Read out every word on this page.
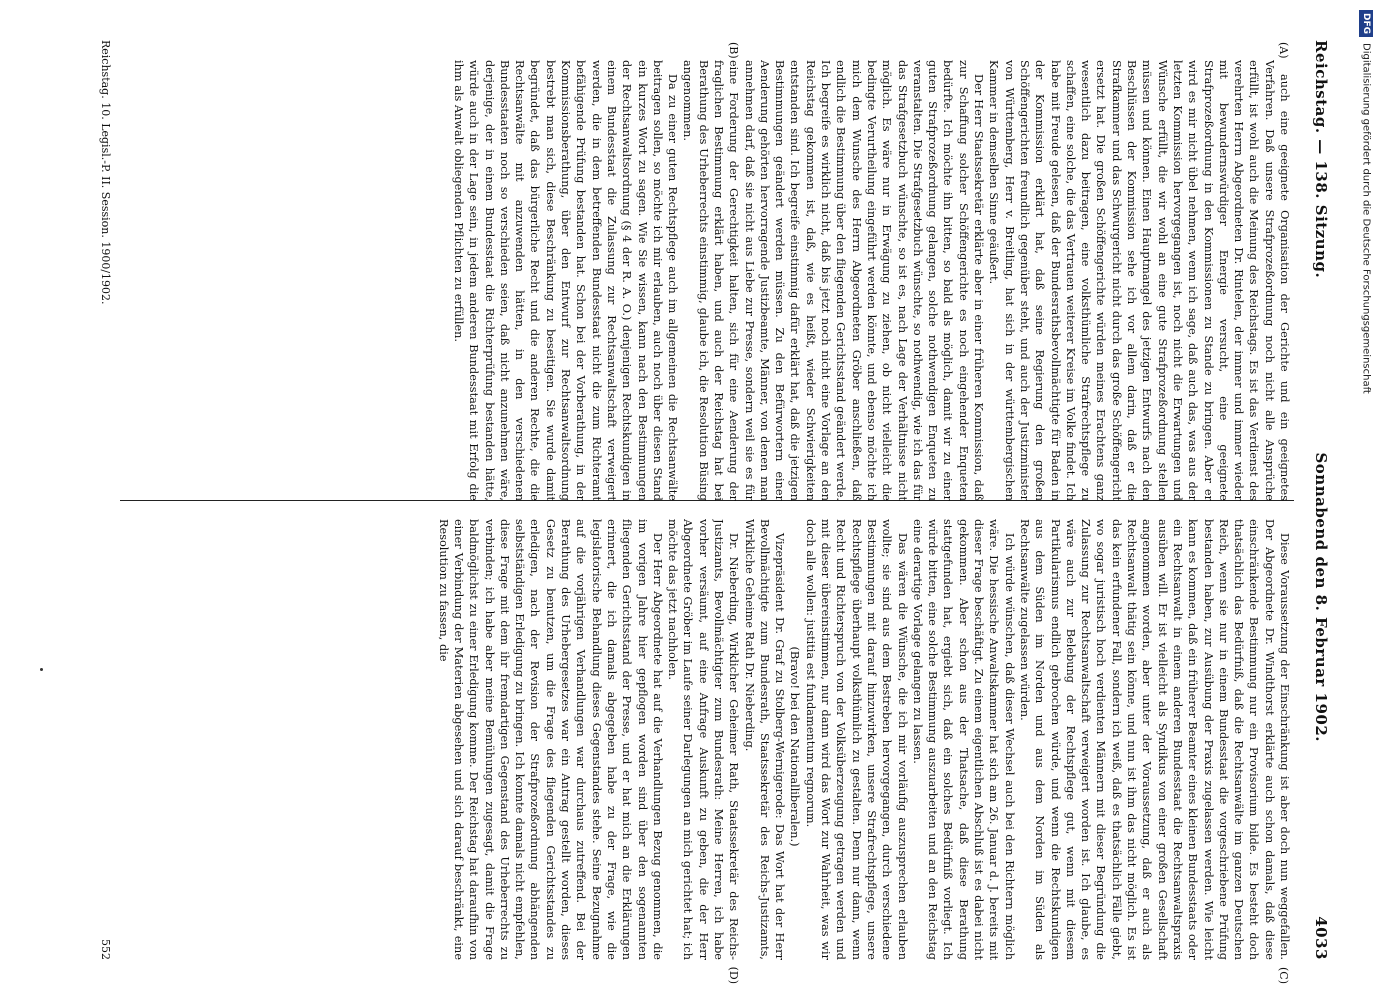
Reichstag. — 138. Sitzung.
Sonnabend den 8. Februar 1902.
4033
(A)
(B)
(C)
(D)

auch eine geeignete Organisation der Gerichte und ein geeignetes Verfahren. Daß unsere Strafprozeßordnung noch nicht alle Ansprüche erfüllt, ist wohl auch die Meinung des Reichstags. Es ist das Verdienst des verehrten Herrn Abgeordneten Dr. Rintelen, der immer und immer wieder mit bewundernswürdiger Energie versucht, eine geeignete Strafprozeßordnung in den Kommissionen zu Stande zu bringen. Aber er wird es mir nicht übel nehmen, wenn ich sage, daß auch das, was aus der letzten Kommission hervorgegangen ist, noch nicht die Erwartungen und Wünsche erfüllt, die wir wohl an eine gute Strafprozeßordnung stellen müssen und können. Einen Hauptmangel des jetzigen Entwurfs nach den Beschlüssen der Kommission sehe ich vor allem darin, daß er die Strafkammer und das Schwurgericht nicht durch das große Schöffengericht ersetzt hat. Die großen Schöffengerichte würden meines Erachtens ganz wesentlich dazu beitragen, eine volksthümliche Strafrechtspflege zu schaffen, eine solche, die das Vertrauen weiterer Kreise im Volke findet. Ich habe mit Freude gelesen, daß der Bundesrathsbevollmächtigte für Baden in der Kommission erklärt hat, daß seine Regierung den großen Schöffengerichten freundlich gegenüber steht, und auch der Justizminister von Württemberg, Herr v. Breitling, hat sich in der württembergischen Kammer in demselben Sinne geäußert.

Der Herr Staatssekretär erklärte aber in einer früheren Kommission, daß zur Schaffung solcher Schöffengerichte es noch eingehender Enqueten bedürfte. Ich möchte ihn bitten, so bald als möglich, damit wir zu einer guten Strafprozeßordnung gelangen, solche nothwendigen Enqueten zu veranstalten. Die Strafgesetzbuch wünschte, so nothwendig, wie ich das für das Strafgesetzbuch wünschte, so ist es, nach Lage der Verhältnisse nicht möglich. Es wäre nur in Erwägung zu ziehen, ob nicht vielleicht die bedingte Verurtheilung eingeführt werden könnte, und ebenso möchte ich mich dem Wunsche des Herrn Abgeordneten Gröber anschließen, daß endlich die Bestimmung über den fliegenden Gerichtsstand geändert werde. Ich begreife es wirklich nicht, daß bis jetzt noch nicht eine Vorlage an den Reichstag gekommen ist, daß, wie es heißt, wieder Schwierigkeiten entstanden sind. Ich begreife einstimmig dafür erklärt hat, daß die jetzigen Bestimmungen geändert werden müssen. Zu den Befürwortern einer Aenderung gehörten hervorragende Justizbeamte, Männer, von denen man annehmen darf, daß sie nicht aus Liebe zur Presse, sondern weil sie es für eine Forderung der Gerechtigkeit halten, sich für eine Aenderung der fraglichen Bestimmung erklärt haben, und auch der Reichstag hat bei Berathung des Urheberrechts einstimmig, glaube ich, die Resolution Büsing angenommen.

Da zu einer guten Rechtspflege auch im allgemeinen die Rechtsanwälte beitragen sollen, so möchte ich mir erlauben, auch noch über diesen Stand ein kurzes Wort zu sagen. Wie Sie wissen, kann nach den Bestimmungen der Rechtsanwaltsordnung (§ 4 der R. A. O.) denjenigen Rechtskundigen in einem Bundesstaat die Zulassung zur Rechtsanwaltschaft verweigert werden, die in dem betreffenden Bundesstaat nicht die zum Richteramt befähigende Prüfung bestanden hat. Schon bei der Vorberathung, in der Kommissionsberathung, über den Entwurf zur Rechtsanwaltsordnung bestrebt man sich, diese Beschränkung zu beseitigen. Sie wurde damit begründet, daß das bürgerliche Recht und die anderen Rechte, die die Rechtsanwälte mit anzuwenden hätten, in den verschiedenen Bundesstaaten noch so verschieden seien, daß nicht anzunehmen wäre, derjenige, der in einem Bundesstaat die Richterprüfung bestanden hätte, würde auch in der Lage sein, in jedem anderen Bundesstaat mit Erfolg die ihm als Anwalt obliegenden Pflichten zu erfüllen.

Diese Voraussetzung der Einschränkung ist aber doch nun weggefallen. Der Abgeordnete Dr. Windthorst erklärte auch schon damals, daß diese einschränkende Bestimmung nur ein Provisorium bilde. Es besteht doch thatsächlich das Bedürfniß, daß die Rechtsanwälte im ganzen Deutschen Reich, wenn sie nur in einem Bundesstaat die vorgeschriebene Prüfung bestanden haben, zur Ausübung der Praxis zugelassen werden. Wie leicht kann es kommen, daß ein früherer Beamter eines kleinen Bundesstaats oder ein Rechtsanwalt in einem anderen Bundesstaat die Rechtsanwaltspraxis ausüben will. Er ist vielleicht als Syndikus von einer großen Gesellschaft angenommen worden, aber unter der Voraussetzung, daß er auch als Rechtsanwalt thätig sein könne, und nun ist ihm das nicht möglich. Es ist das kein erfundener Fall, sondern ich weiß, daß es thatsächlich Fälle giebt, wo sogar juristisch hoch verdienten Männern mit dieser Begründung die Zulassung zur Rechtsanwaltschaft verweigert worden ist. Ich glaube, es wäre auch zur Belebung der Rechtspflege gut, wenn mit diesem Partikularismus endlich gebrochen würde, und wenn die Rechtskundigen aus dem Süden im Norden und aus dem Norden im Süden als Rechtsanwälte zugelassen würden.

Ich würde wünschen, daß dieser Wechsel auch bei den Richtern möglich wäre. Die hessische Anwaltskammer hat sich am 26. Januar d. J. bereits mit dieser Frage beschäftigt. Zu einem eigentlichen Abschluß ist es dabei nicht gekommen. Aber schon aus der Thatsache, daß diese Berathung stattgefunden hat, ergiebt sich, daß ein solches Bedürfniß vorliegt. Ich würde bitten, eine solche Bestimmung auszuarbeiten und an den Reichstag eine derartige Vorlage gelangen zu lassen.

Das wären die Wünsche, die ich mir vorläufig auszusprechen erlauben wollte; sie sind aus dem Bestreben hervorgegangen, durch verschiedene Bestimmungen mit darauf hinzuwirken, unsere Strafrechtspflege, unsere Rechtspflege überhaupt volksthümlich zu gestalten. Denn nur dann, wenn Recht und Richterspruch von der Volksüberzeugung getragen werden und mit dieser übereinstimmen, nur dann wird das Wort zur Wahrheit, was wir doch alle wollen: justitia est fundamentum regnorum.

(Bravo! bei den Nationalliberalen.)

Vizepräsident Dr. Graf zu Stolberg-Wernigerode: Das Wort hat der Herr Bevollmächtigte zum Bundesrath, Staatssekretär des Reichs-Justizamts, Wirkliche Geheime Rath Dr. Nieberding.

Dr. Nieberding, Wirklicher Geheimer Rath, Staatssekretär des Reichs-Justizamts, Bevollmächtigter zum Bundesrath: Meine Herren, ich habe vorher versäumt, auf eine Anfrage Auskunft zu geben, die der Herr Abgeordnete Gröber im Laufe seiner Darlegungen an mich gerichtet hat; ich möchte das jetzt nachholen.

Der Herr Abgeordnete hat auf die Verhandlungen Bezug genommen, die im vorigen Jahre hier gepflogen worden sind über den sogenannten fliegenden Gerichtsstand der Presse, und er hat mich an die Erklärungen erinnert, die ich damals abgegeben habe zu der Frage, wie die legislatorische Behandlung dieses Gegenstandes stehe. Seine Bezugnahme auf die vorjährigen Verhandlungen war durchaus zutreffend. Bei der Berathung des Urhebergesetzes war ein Antrag gestellt worden, dieses Gesetz zu benutzen, um die Frage des fliegenden Gerichtsstandes zu erledigen, nach der Revision der Strafprozeßordnung abhängenden selbstständigen Erledigung zu bringen. Ich konnte damals nicht empfehlen, diese Frage mit dem ihr fremdartigen Gegenstand des Urheberrechts zu verbinden; ich habe aber meine Bemühungen zugesagt, damit die Frage baldmöglichst zu einer Erledigung komme. Der Reichstag hat daraufhin von einer Verbindung der Materien abgesehen und sich darauf beschränkt, eine Resolution zu fassen, die

Reichstag. 10. Legisl.-P. II. Session. 1900/1902.
552
DFG
Digitalisierung gefördert durch die Deutsche Forschungsgemeinschaft
